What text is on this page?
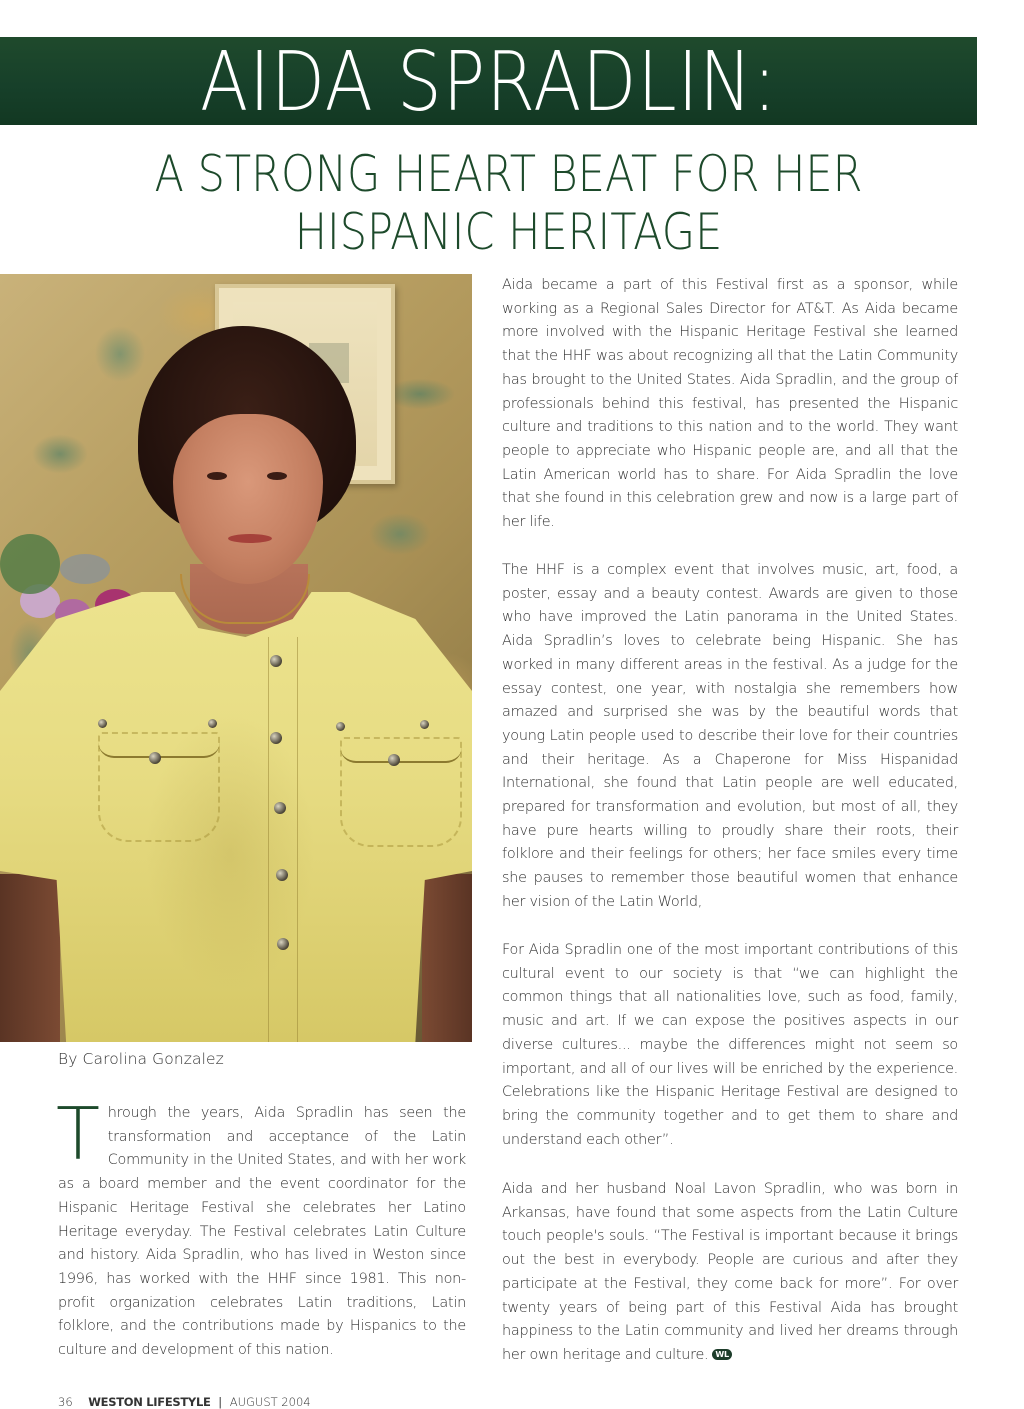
AIDA SPRADLIN:
A STRONG HEART BEAT FOR HER
HISPANIC HERITAGE
By Carolina Gonzalez
Through the years, Aida Spradlin has seen the transformation and acceptance of the Latin Community in the United States, and with her work as a board member and the event coordinator for the Hispanic Heritage Festival she celebrates her Latino Heritage everyday. The Festival celebrates Latin Culture and history. Aida Spradlin, who has lived in Weston since 1996, has worked with the HHF since 1981. This non-profit organization celebrates Latin traditions, Latin folklore, and the contributions made by Hispanics to the culture and development of this nation.
Aida became a part of this Festival first as a sponsor, while working as a Regional Sales Director for AT&T. As Aida became more involved with the Hispanic Heritage Festival she learned that the HHF was about recognizing all that the Latin Community has brought to the United States. Aida Spradlin, and the group of professionals behind this festival, has presented the Hispanic culture and traditions to this nation and to the world. They want people to appreciate who Hispanic people are, and all that the Latin American world has to share. For Aida Spradlin the love that she found in this celebration grew and now is a large part of her life.
The HHF is a complex event that involves music, art, food, a poster, essay and a beauty contest. Awards are given to those who have improved the Latin panorama in the United States. Aida Spradlin’s loves to celebrate being Hispanic. She has worked in many different areas in the festival. As a judge for the essay contest, one year, with nostalgia she remembers how amazed and surprised she was by the beautiful words that young Latin people used to describe their love for their countries and their heritage. As a Chaperone for Miss Hispanidad International, she found that Latin people are well educated, prepared for transformation and evolution, but most of all, they have pure hearts willing to proudly share their roots, their folklore and their feelings for others; her face smiles every time she pauses to remember those beautiful women that enhance her vision of the Latin World,
For Aida Spradlin one of the most important contributions of this cultural event to our society is that “we can highlight the common things that all nationalities love, such as food, family, music and art. If we can expose the positives aspects in our diverse cultures... maybe the differences might not seem so important, and all of our lives will be enriched by the experience. Celebrations like the Hispanic Heritage Festival are designed to bring the community together and to get them to share and understand each other”.
Aida and her husband Noal Lavon Spradlin, who was born in Arkansas, have found that some aspects from the Latin Culture touch people's souls. “The Festival is important because it brings out the best in everybody. People are curious and after they participate at the Festival, they come back for more”. For over twenty years of being part of this Festival Aida has brought happiness to the Latin community and lived her dreams through her own heritage and culture. WL
36 WESTON LIFESTYLE | AUGUST 2004
